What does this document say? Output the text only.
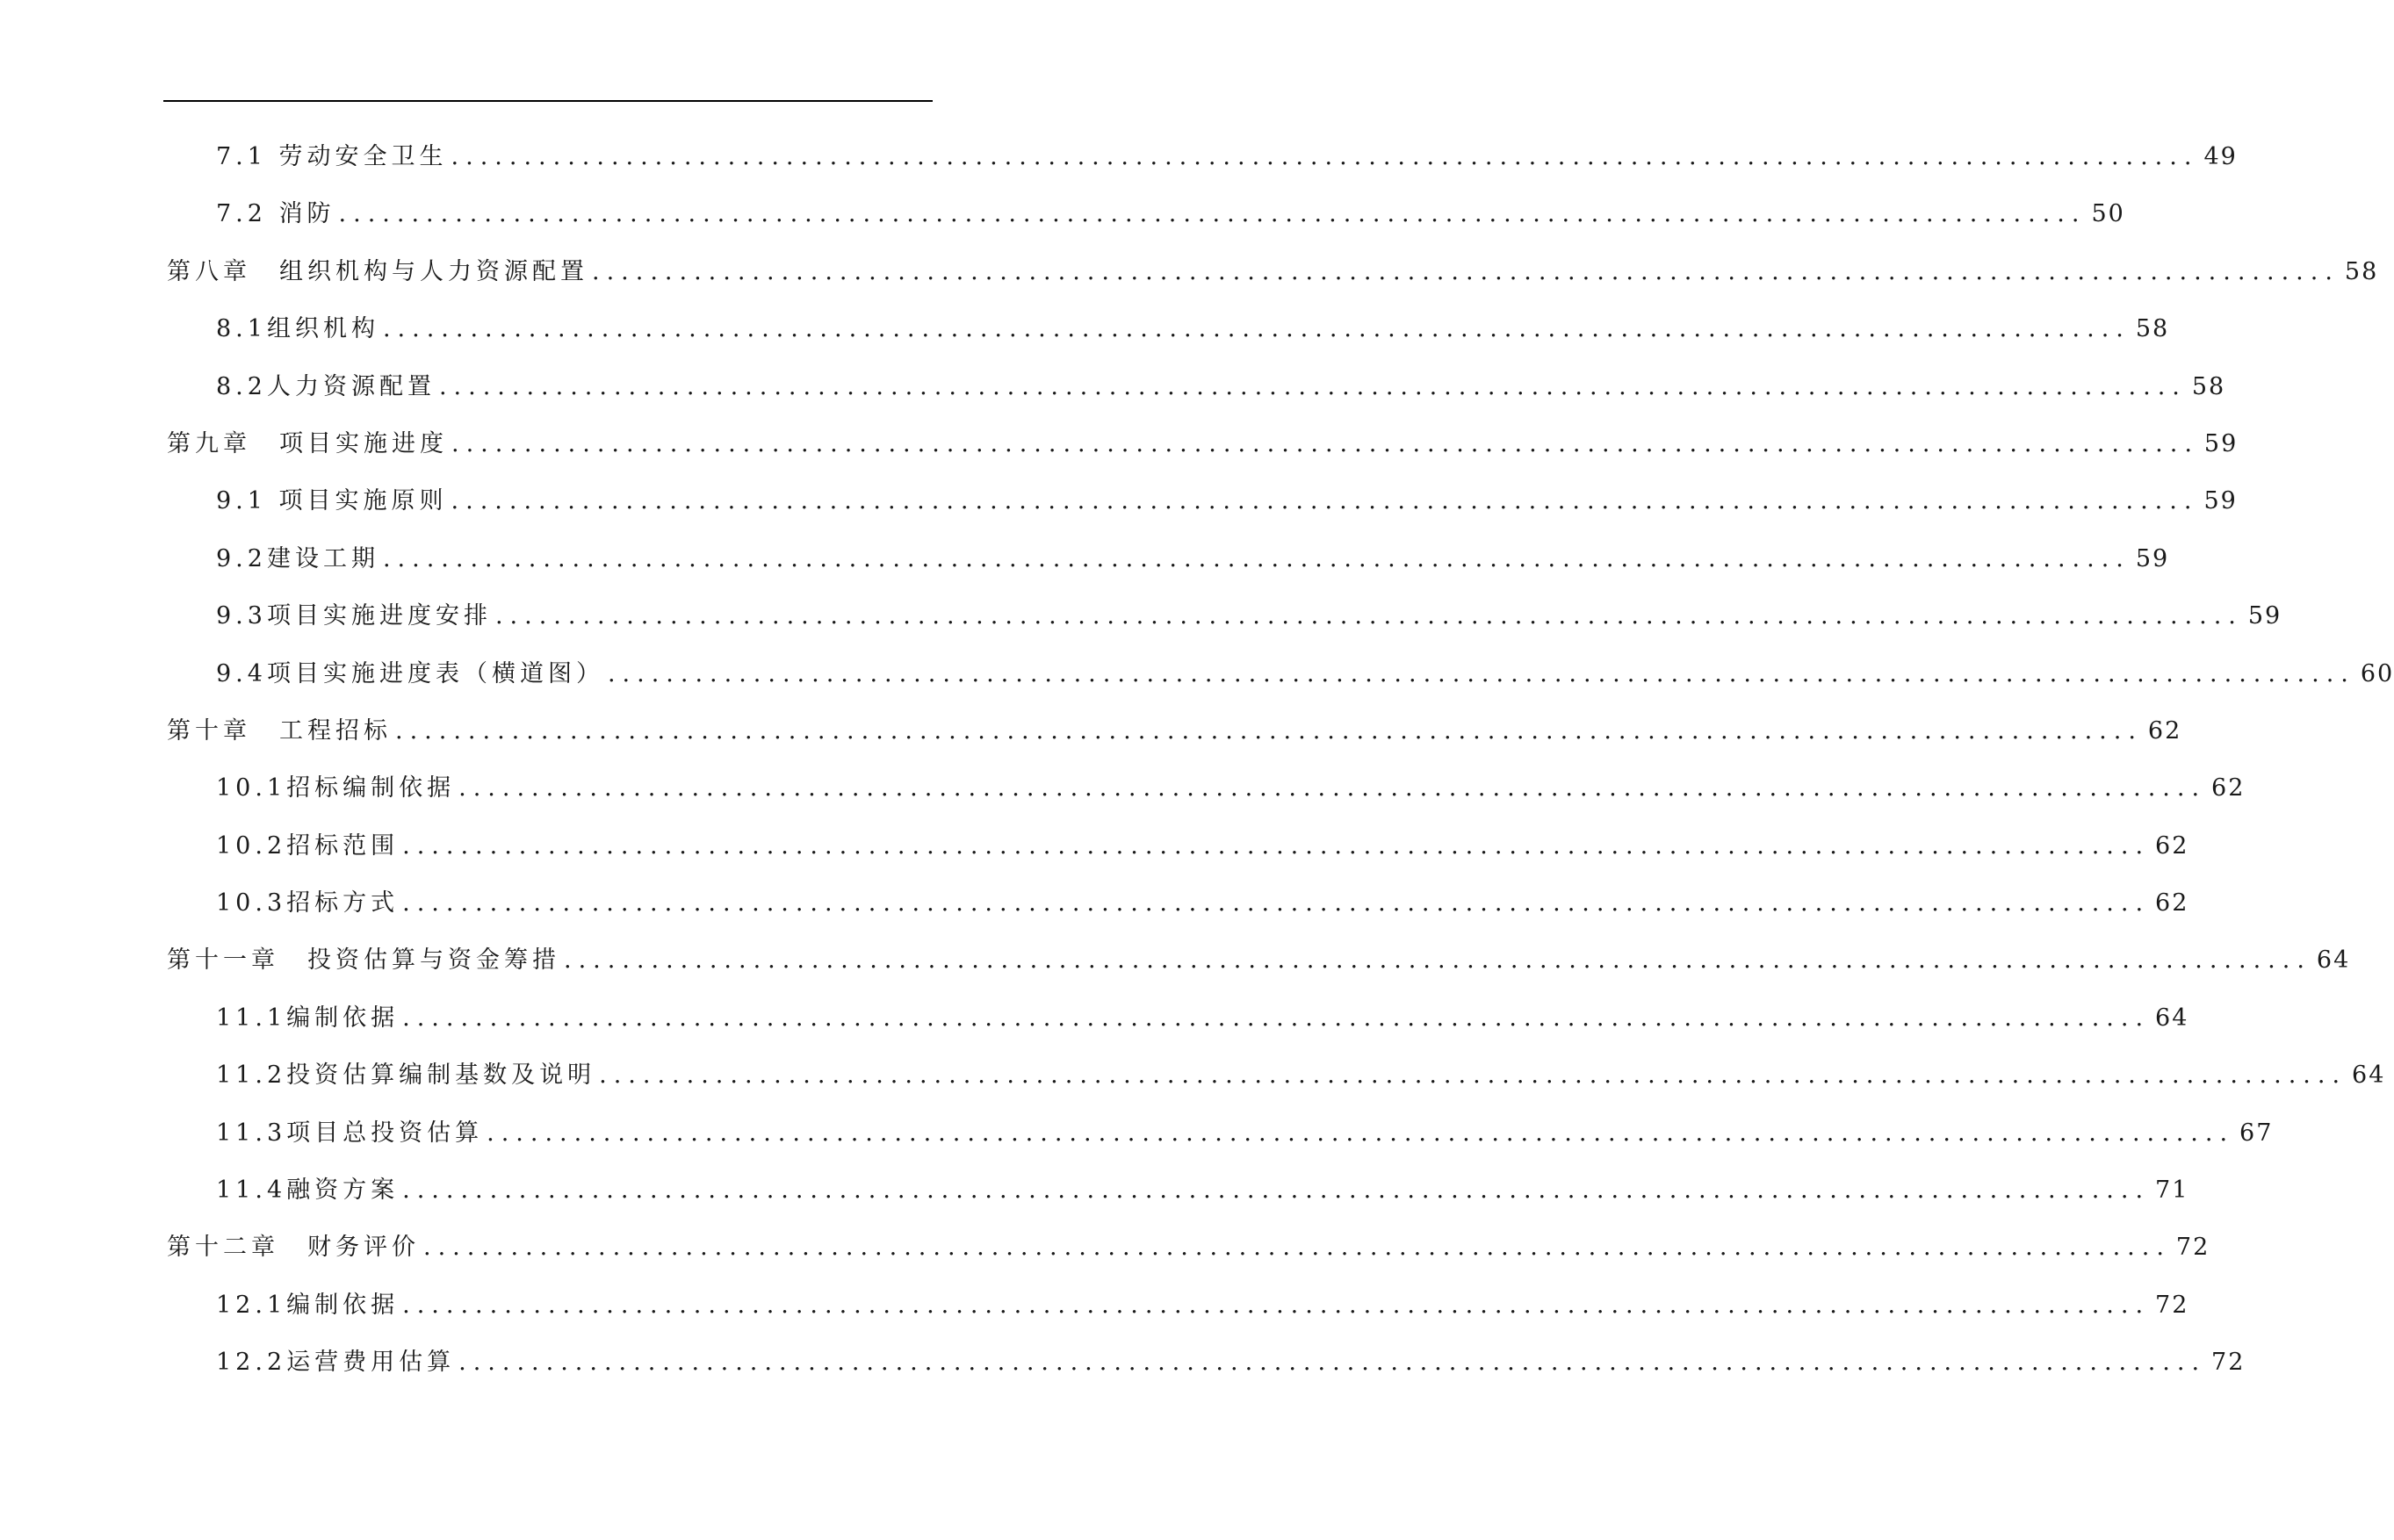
7.1 劳动安全卫生 ........................................................................................................................ 49
7.2 消防 ........................................................................................................................ 50
第八章　组织机构与人力资源配置 ........................................................................................................................ 58
8.1组织机构 ........................................................................................................................ 58
8.2人力资源配置 ........................................................................................................................ 58
第九章　项目实施进度 ........................................................................................................................ 59
9.1 项目实施原则 ........................................................................................................................ 59
9.2建设工期 ........................................................................................................................ 59
9.3项目实施进度安排 ........................................................................................................................ 59
9.4项目实施进度表（横道图） ........................................................................................................................ 60
第十章　工程招标 ........................................................................................................................ 62
10.1招标编制依据 ........................................................................................................................ 62
10.2招标范围 ........................................................................................................................ 62
10.3招标方式 ........................................................................................................................ 62
第十一章　投资估算与资金筹措 ........................................................................................................................ 64
11.1编制依据 ........................................................................................................................ 64
11.2投资估算编制基数及说明 ........................................................................................................................ 64
11.3项目总投资估算 ........................................................................................................................ 67
11.4融资方案 ........................................................................................................................ 71
第十二章　财务评价 ........................................................................................................................ 72
12.1编制依据 ........................................................................................................................ 72
12.2运营费用估算 ........................................................................................................................ 72
